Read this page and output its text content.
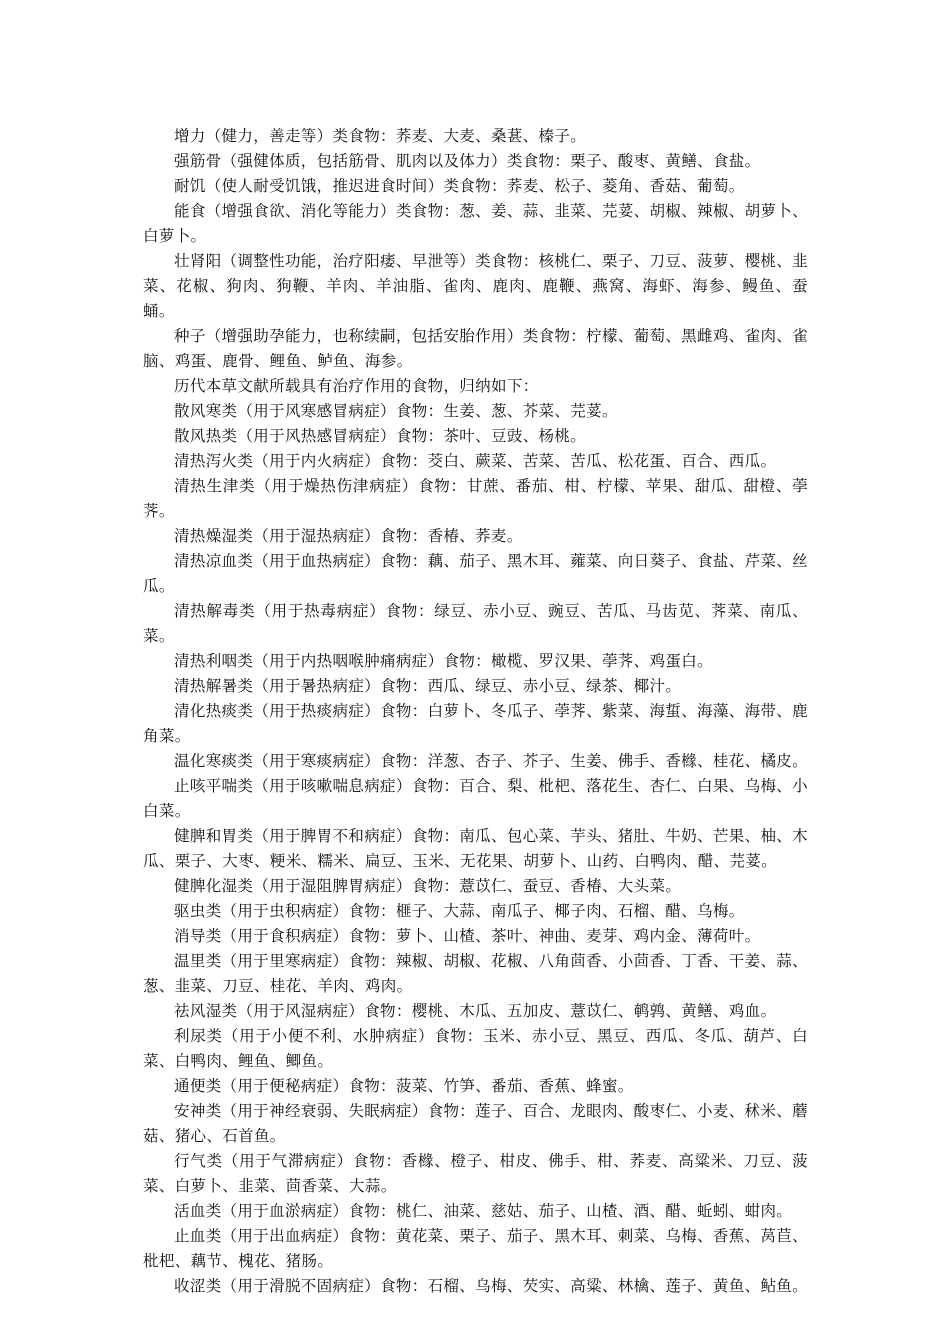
增力（健力，善走等）类食物：荞麦、大麦、桑葚、榛子。

强筋骨（强健体质，包括筋骨、肌肉以及体力）类食物：栗子、酸枣、黄鳝、食盐。

耐饥（使人耐受饥饿，推迟进食时间）类食物：荞麦、松子、菱角、香菇、葡萄。

能食（增强食欲、消化等能力）类食物：葱、姜、蒜、韭菜、芫荽、胡椒、辣椒、胡萝卜、白萝卜。

壮肾阳（调整性功能，治疗阳痿、早泄等）类食物：核桃仁、栗子、刀豆、菠萝、樱桃、韭菜、花椒、狗肉、狗鞭、羊肉、羊油脂、雀肉、鹿肉、鹿鞭、燕窝、海虾、海参、鳗鱼、蚕蛹。

种子（增强助孕能力，也称续嗣，包括安胎作用）类食物：柠檬、葡萄、黑雌鸡、雀肉、雀脑、鸡蛋、鹿骨、鲤鱼、鲈鱼、海参。

历代本草文献所载具有治疗作用的食物，归纳如下：

散风寒类（用于风寒感冒病症）食物：生姜、葱、芥菜、芫荽。

散风热类（用于风热感冒病症）食物：茶叶、豆豉、杨桃。

清热泻火类（用于内火病症）食物：茭白、蕨菜、苦菜、苦瓜、松花蛋、百合、西瓜。

清热生津类（用于燥热伤津病症）食物：甘蔗、番茄、柑、柠檬、苹果、甜瓜、甜橙、荸荠。

清热燥湿类（用于湿热病症）食物：香椿、荞麦。

清热凉血类（用于血热病症）食物：藕、茄子、黑木耳、蕹菜、向日葵子、食盐、芹菜、丝瓜。

清热解毒类（用于热毒病症）食物：绿豆、赤小豆、豌豆、苦瓜、马齿苋、荠菜、南瓜、菜。

清热利咽类（用于内热咽喉肿痛病症）食物：橄榄、罗汉果、荸荠、鸡蛋白。

清热解暑类（用于暑热病症）食物：西瓜、绿豆、赤小豆、绿茶、椰汁。

清化热痰类（用于热痰病症）食物：白萝卜、冬瓜子、荸荠、紫菜、海蜇、海藻、海带、鹿角菜。

温化寒痰类（用于寒痰病症）食物：洋葱、杏子、芥子、生姜、佛手、香橼、桂花、橘皮。

止咳平喘类（用于咳嗽喘息病症）食物：百合、梨、枇杷、落花生、杏仁、白果、乌梅、小白菜。

健脾和胃类（用于脾胃不和病症）食物：南瓜、包心菜、芋头、猪肚、牛奶、芒果、柚、木瓜、栗子、大枣、粳米、糯米、扁豆、玉米、无花果、胡萝卜、山药、白鸭肉、醋、芫荽。

健脾化湿类（用于湿阻脾胃病症）食物：薏苡仁、蚕豆、香椿、大头菜。

驱虫类（用于虫积病症）食物：榧子、大蒜、南瓜子、椰子肉、石榴、醋、乌梅。

消导类（用于食积病症）食物：萝卜、山楂、茶叶、神曲、麦芽、鸡内金、薄荷叶。

温里类（用于里寒病症）食物：辣椒、胡椒、花椒、八角茴香、小茴香、丁香、干姜、蒜、葱、韭菜、刀豆、桂花、羊肉、鸡肉。

祛风湿类（用于风湿病症）食物：樱桃、木瓜、五加皮、薏苡仁、鹌鹑、黄鳝、鸡血。

利尿类（用于小便不利、水肿病症）食物：玉米、赤小豆、黑豆、西瓜、冬瓜、葫芦、白菜、白鸭肉、鲤鱼、鲫鱼。

通便类（用于便秘病症）食物：菠菜、竹笋、番茄、香蕉、蜂蜜。

安神类（用于神经衰弱、失眠病症）食物：莲子、百合、龙眼肉、酸枣仁、小麦、秫米、蘑菇、猪心、石首鱼。

行气类（用于气滞病症）食物：香橼、橙子、柑皮、佛手、柑、荞麦、高粱米、刀豆、菠菜、白萝卜、韭菜、茴香菜、大蒜。

活血类（用于血淤病症）食物：桃仁、油菜、慈姑、茄子、山楂、酒、醋、蚯蚓、蚶肉。

止血类（用于出血病症）食物：黄花菜、栗子、茄子、黑木耳、刺菜、乌梅、香蕉、莴苣、枇杷、藕节、槐花、猪肠。

收涩类（用于滑脱不固病症）食物：石榴、乌梅、芡实、高粱、林檎、莲子、黄鱼、鲇鱼。
